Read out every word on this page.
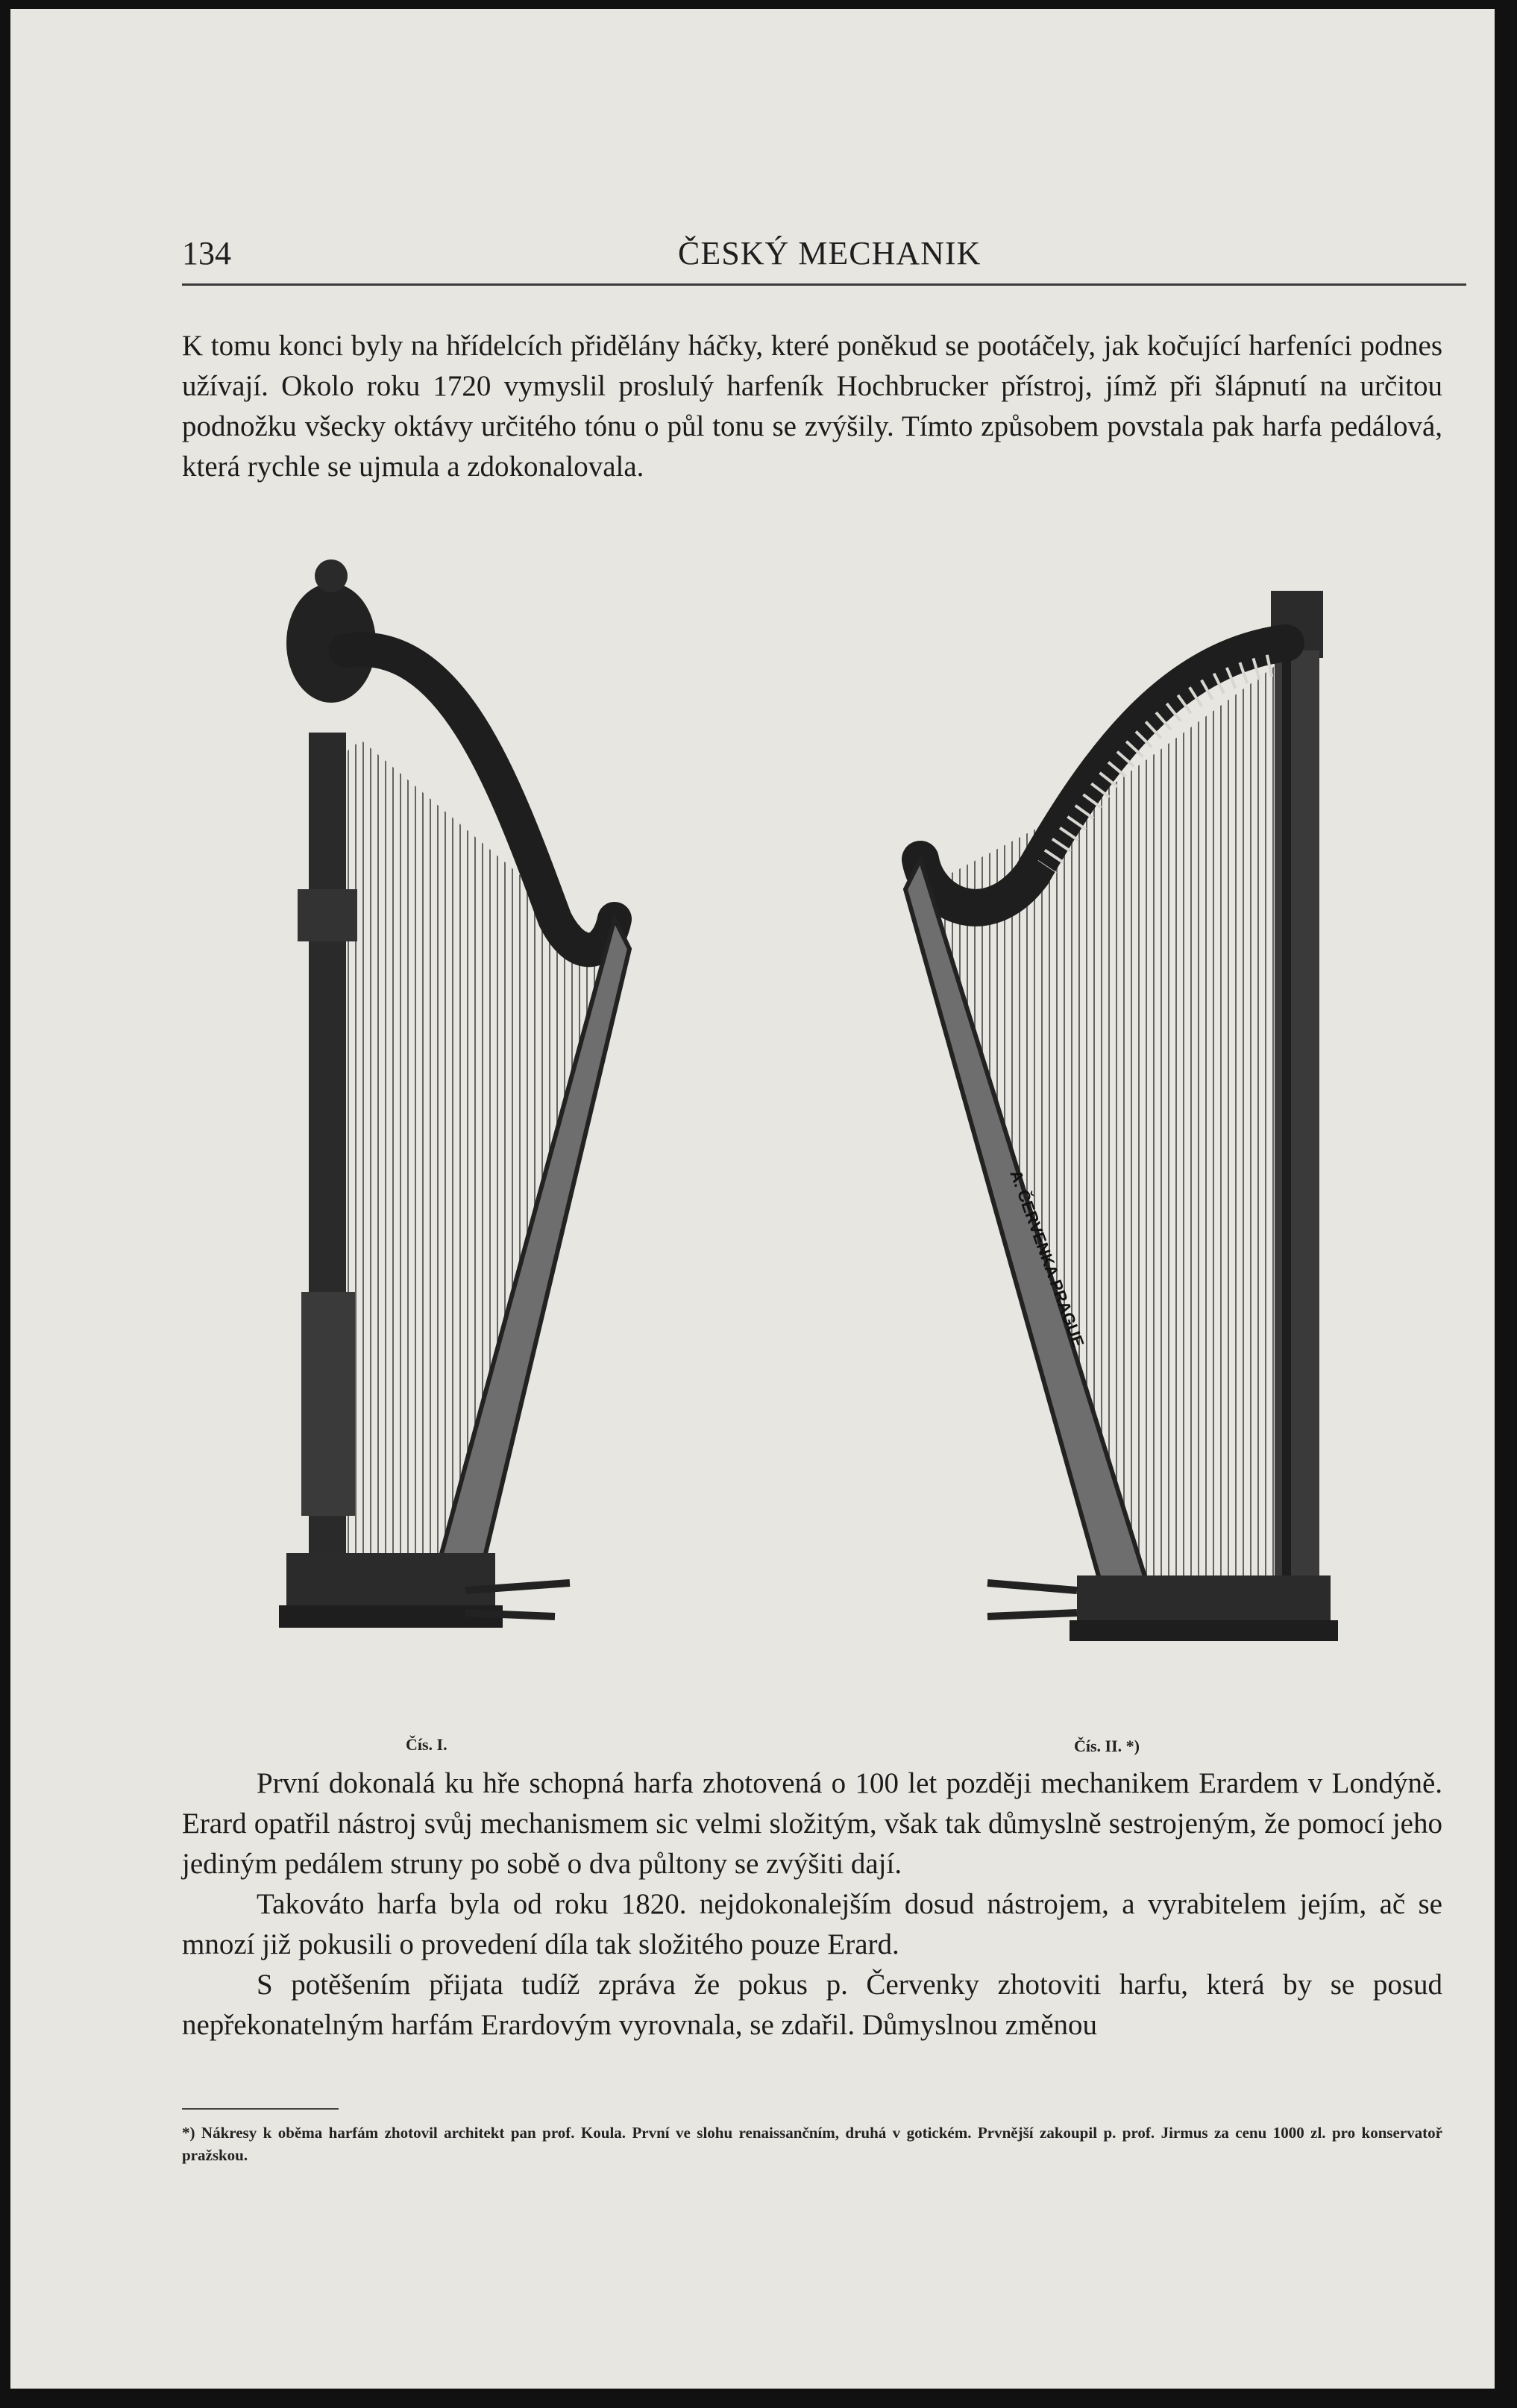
134	ČESKÝ MECHANIK

K tomu konci byly na hřídelcích přidělány háčky, které poněkud se pootáčely, jak kočující harfeníci podnes užívají. Okolo roku 1720 vymyslil proslulý harfeník Hochbrucker přístroj, jímž při šlápnutí na určitou podnožku všecky oktávy určitého tónu o půl tonu se zvýšily. Tímto způsobem povstala pak harfa pedálová, která rychle se ujmula a zdokonalovala.

Čís. I.
A. ČERVENKA PRAGUE
Čís. II. *)

První dokonalá ku hře schopná harfa zhotovená o 100 let později mechanikem Erardem v Londýně. Erard opatřil nástroj svůj mechanismem sic velmi složitým, však tak důmyslně sestrojeným, že pomocí jeho jediným pedálem struny po sobě o dva půltony se zvýšiti dají.

Takováto harfa byla od roku 1820. nejdokonalejším dosud nástrojem, a vyrabitelem jejím, ač se mnozí již pokusili o provedení díla tak složitého pouze Erard.

S potěšením přijata tudíž zpráva že pokus p. Červenky zhotoviti harfu, která by se posud nepřekonatelným harfám Erardovým vyrovnala, se zdařil. Důmyslnou změnou

*) Nákresy k oběma harfám zhotovil architekt pan prof. Koula. První ve slohu renaissančním, druhá v gotickém. Prvnější zakoupil p. prof. Jirmus za cenu 1000 zl. pro konservatoř pražskou.
